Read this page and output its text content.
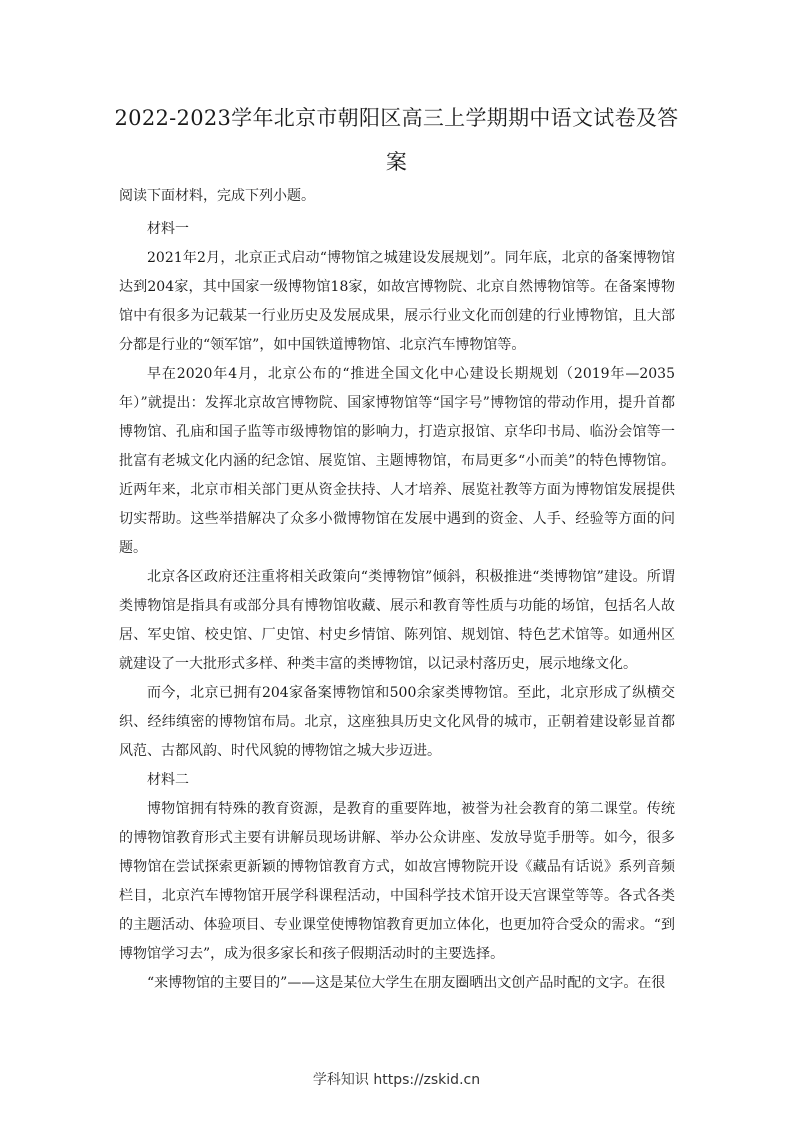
2022-2023学年北京市朝阳区高三上学期期中语文试卷及答案
阅读下面材料，完成下列小题。

材料一

2021年2月，北京正式启动“博物馆之城建设发展规划”。同年底，北京的备案博物馆达到204家，其中国家一级博物馆18家，如故宫博物院、北京自然博物馆等。在备案博物馆中有很多为记载某一行业历史及发展成果，展示行业文化而创建的行业博物馆，且大部分都是行业的“领军馆”，如中国铁道博物馆、北京汽车博物馆等。

早在2020年4月，北京公布的“推进全国文化中心建设长期规划（2019年—2035年）”就提出：发挥北京故宫博物院、国家博物馆等“国字号”博物馆的带动作用，提升首都博物馆、孔庙和国子监等市级博物馆的影响力，打造京报馆、京华印书局、临汾会馆等一批富有老城文化内涵的纪念馆、展览馆、主题博物馆，布局更多“小而美”的特色博物馆。近两年来，北京市相关部门更从资金扶持、人才培养、展览社教等方面为博物馆发展提供切实帮助。这些举措解决了众多小微博物馆在发展中遇到的资金、人手、经验等方面的问题。

北京各区政府还注重将相关政策向“类博物馆”倾斜，积极推进“类博物馆”建设。所谓类博物馆是指具有或部分具有博物馆收藏、展示和教育等性质与功能的场馆，包括名人故居、军史馆、校史馆、厂史馆、村史乡情馆、陈列馆、规划馆、特色艺术馆等。如通州区就建设了一大批形式多样、种类丰富的类博物馆，以记录村落历史，展示地缘文化。

而今，北京已拥有204家备案博物馆和500余家类博物馆。至此，北京形成了纵横交织、经纬缜密的博物馆布局。北京，这座独具历史文化风骨的城市，正朝着建设彰显首都风范、古都风韵、时代风貌的博物馆之城大步迈进。

材料二

博物馆拥有特殊的教育资源，是教育的重要阵地，被誉为社会教育的第二课堂。传统的博物馆教育形式主要有讲解员现场讲解、举办公众讲座、发放导览手册等。如今，很多博物馆在尝试探索更新颖的博物馆教育方式，如故宫博物院开设《藏品有话说》系列音频栏目，北京汽车博物馆开展学科课程活动，中国科学技术馆开设天宫课堂等等。各式各类的主题活动、体验项目、专业课堂使博物馆教育更加立体化，也更加符合受众的需求。“到博物馆学习去”，成为很多家长和孩子假期活动时的主要选择。

“来博物馆的主要目的”——这是某位大学生在朋友圈晒出文创产品时配的文字。在很

学科知识 https://zskid.cn
